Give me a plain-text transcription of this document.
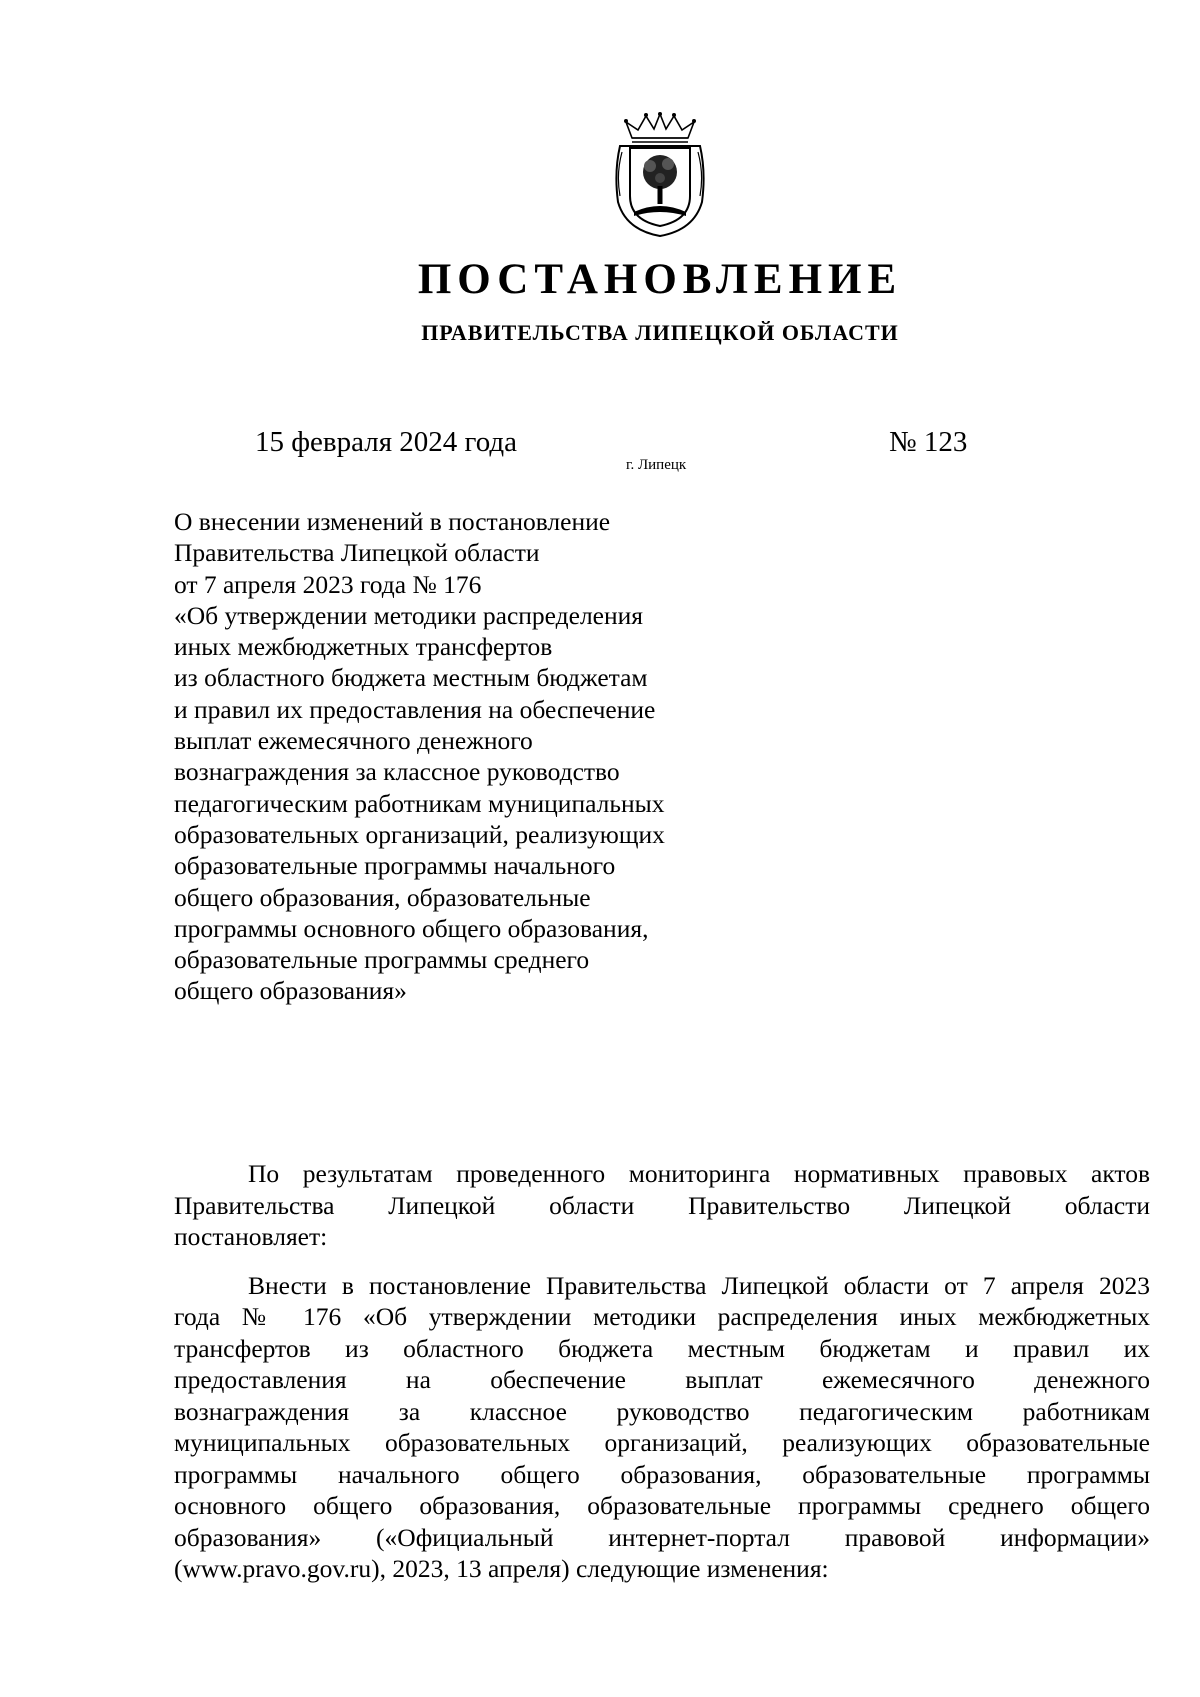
ПОСТАНОВЛЕНИЕ
ПРАВИТЕЛЬСТВА ЛИПЕЦКОЙ ОБЛАСТИ
15 февраля 2024 года
г. Липецк
№ 123
О внесении изменений в постановление
Правительства Липецкой области
от 7 апреля 2023 года № 176
«Об утверждении методики распределения
иных межбюджетных трансфертов
из областного бюджета местным бюджетам
и правил их предоставления на обеспечение
выплат ежемесячного денежного
вознаграждения за классное руководство
педагогическим работникам муниципальных
образовательных организаций, реализующих
образовательные программы начального
общего образования, образовательные
программы основного общего образования,
образовательные программы среднего
общего образования»
По результатам проведенного мониторинга нормативных правовых актов
Правительства Липецкой области Правительство Липецкой области
постановляет:
Внести в постановление Правительства Липецкой области от 7 апреля 2023
года № 176 «Об утверждении методики распределения иных межбюджетных
трансфертов из областного бюджета местным бюджетам и правил их
предоставления на обеспечение выплат ежемесячного денежного
вознаграждения за классное руководство педагогическим работникам
муниципальных образовательных организаций, реализующих образовательные
программы начального общего образования, образовательные программы
основного общего образования, образовательные программы среднего общего
образования» («Официальный интернет-портал правовой информации»
(www.pravo.gov.ru), 2023, 13 апреля) следующие изменения:
